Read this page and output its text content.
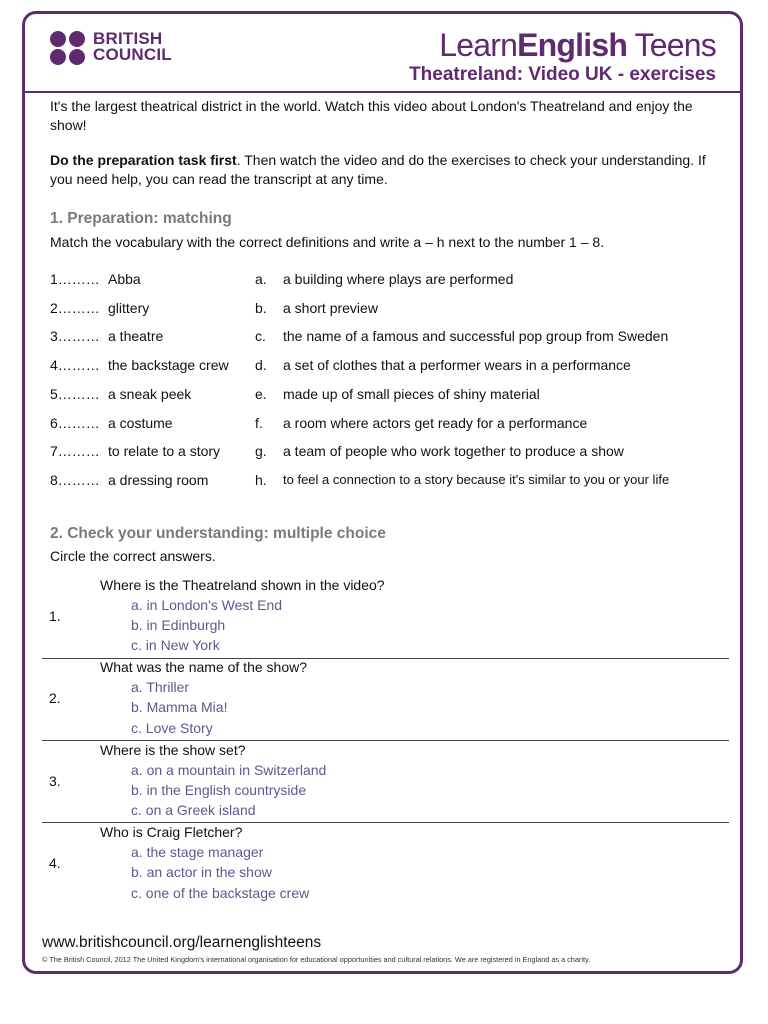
BRITISH
COUNCIL	LearnEnglish Teens
Theatreland: Video UK - exercises
It's the largest theatrical district in the world. Watch this video about London's Theatreland and enjoy the show!
Do the preparation task first. Then watch the video and do the exercises to check your understanding. If you need help, you can read the transcript at any time.
1. Preparation: matching
Match the vocabulary with the correct definitions and write a – h next to the number 1 – 8.
1……… Abba	a. a building where plays are performed
2……… glittery	b. a short preview
3……… a theatre	c. the name of a famous and successful pop group from Sweden
4……… the backstage crew d. a set of clothes that a performer wears in a performance
5……… a sneak peek	e. made up of small pieces of shiny material
6……… a costume	f. a room where actors get ready for a performance
7……… to relate to a story g. a team of people who work together to produce a show
8……… a dressing room	h. to feel a connection to a story because it's similar to you or your life
2. Check your understanding: multiple choice
Circle the correct answers.
1.
Where is the Theatreland shown in the video?
a. in London's West End
b. in Edinburgh
c. in New York
2.
What was the name of the show?
a. Thriller
b. Mamma Mia!
c. Love Story
3.
Where is the show set?
a. on a mountain in Switzerland
b. in the English countryside
c. on a Greek island
4.
Who is Craig Fletcher?
a. the stage manager
b. an actor in the show
c. one of the backstage crew
www.britishcouncil.org/learnenglishteens
© The British Council, 2012 The United Kingdom's international organisation for educational opportunities and cultural relations. We are registered in England as a charity.
